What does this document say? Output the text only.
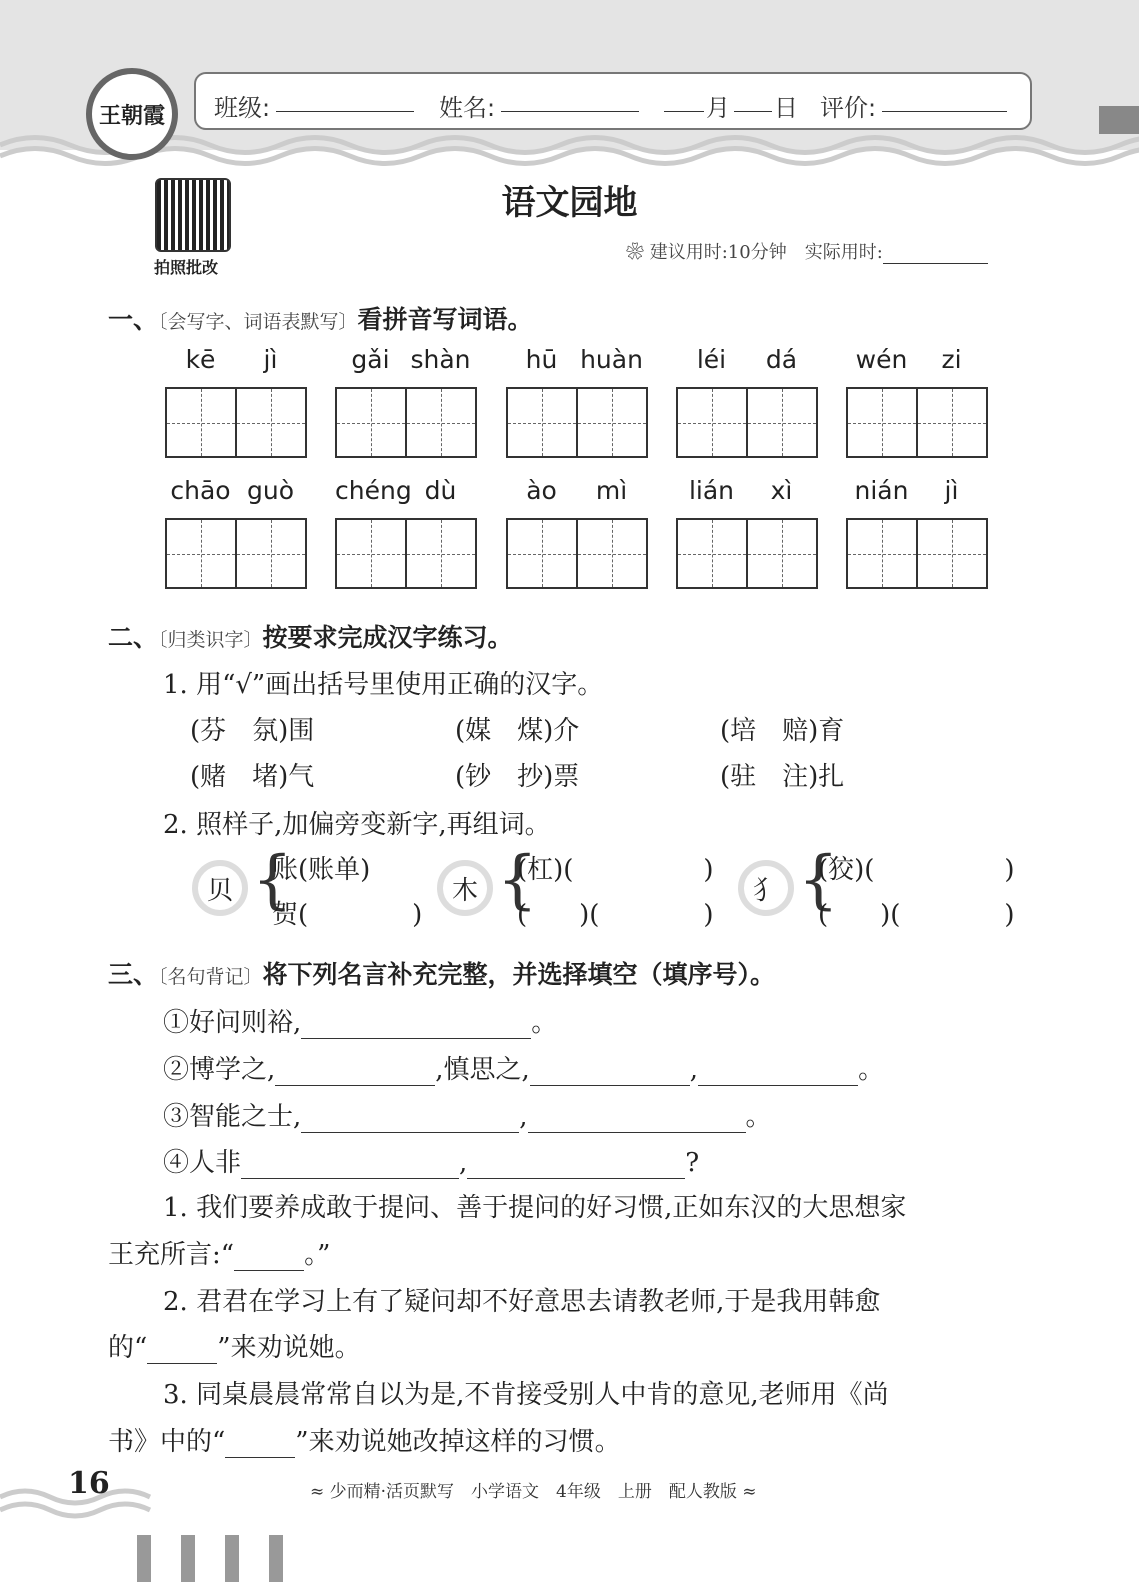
王朝霞 班级:	姓名:	月 日 评价:
拍照批改
语文园地
❀ 建议用时:10分钟　 实际用时:
一、〔会写字、词语表默写〕看拼音写词语。
kē	jì	gǎi shàn	hū huàn	léi	dá	wén	zi
chāo guò	chéng dù	ào	mì	lián	xì	nián	jì
二、〔归类识字〕按要求完成汉字练习。
1. 用“√”画出括号里使用正确的汉字。
(芬　氛)围	(媒　煤)介	(培　赔)育
(赌　堵)气	(钞　抄)票	(驻　注)扎
2. 照样子,加偏旁变新字,再组词。
贝 {
账(账单)
贺(　　　　)
木 {
(杠)(　　　　　)
(　　)(　　　　)
犭 {
(狡)(　　　　　)
(　　)(　　　　)
三、〔名句背记〕将下列名言补充完整，并选择填空（填序号）。
①好问则裕,	。
②博学之,	,慎思之,	,	。
③智能之士,	,	。
④人非	,	?
1. 我们要养成敢于提问、善于提问的好习惯,正如东汉的大思想家
王充所言:“	。”
2. 君君在学习上有了疑问却不好意思去请教老师,于是我用韩愈
的“	”来劝说她。
3. 同桌晨晨常常自以为是,不肯接受别人中肯的意见,老师用《尚
书》中的“	”来劝说她改掉这样的习惯。
16	≈ 少而精·活页默写　小学语文　4年级　上册　配人教版 ≈
